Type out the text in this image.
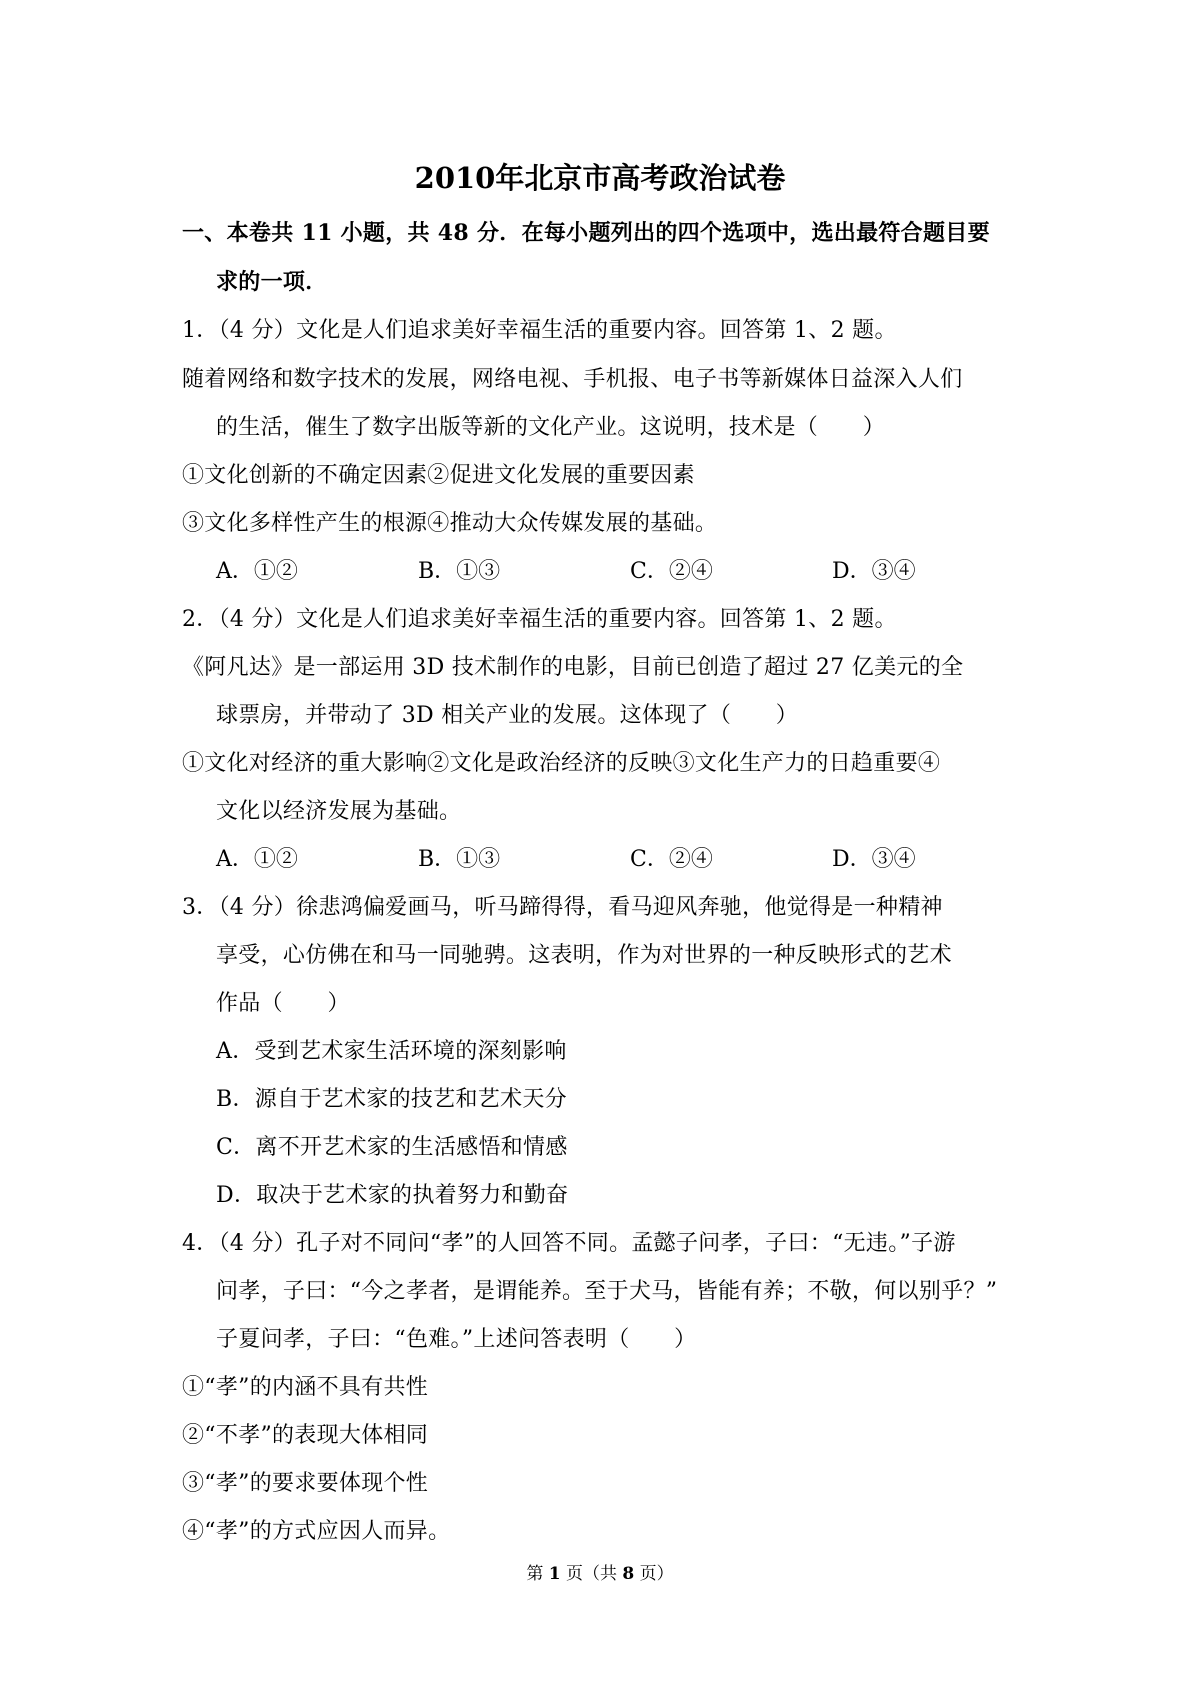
2010年北京市高考政治试卷
一、本卷共 11 小题，共 48 分．在每小题列出的四个选项中，选出最符合题目要
求的一项．
1．（4 分）文化是人们追求美好幸福生活的重要内容。回答第 1、2 题。
随着网络和数字技术的发展，网络电视、手机报、电子书等新媒体日益深入人们
的生活，催生了数字出版等新的文化产业。这说明，技术是（　　）
①文化创新的不确定因素②促进文化发展的重要因素
③文化多样性产生的根源④推动大众传媒发展的基础。
A．①②	B．①③	C．②④	D．③④
2．（4 分）文化是人们追求美好幸福生活的重要内容。回答第 1、2 题。
《阿凡达》是一部运用 3D 技术制作的电影，目前已创造了超过 27 亿美元的全
球票房，并带动了 3D 相关产业的发展。这体现了（　　）
①文化对经济的重大影响②文化是政治经济的反映③文化生产力的日趋重要④
文化以经济发展为基础。
A．①②	B．①③	C．②④	D．③④
3．（4 分）徐悲鸿偏爱画马，听马蹄得得，看马迎风奔驰，他觉得是一种精神
享受，心仿佛在和马一同驰骋。这表明，作为对世界的一种反映形式的艺术
作品（　　）
A．受到艺术家生活环境的深刻影响
B．源自于艺术家的技艺和艺术天分
C．离不开艺术家的生活感悟和情感
D．取决于艺术家的执着努力和勤奋
4．（4 分）孔子对不同问“孝”的人回答不同。孟懿子问孝，子曰：“无违。”子游
问孝，子曰：“今之孝者，是谓能养。至于犬马，皆能有养；不敬，何以别乎？”
子夏问孝，子曰：“色难。”上述问答表明（　　）
①“孝”的内涵不具有共性
②“不孝”的表现大体相同
③“孝”的要求要体现个性
④“孝”的方式应因人而异。
第 1 页（共 8 页）
